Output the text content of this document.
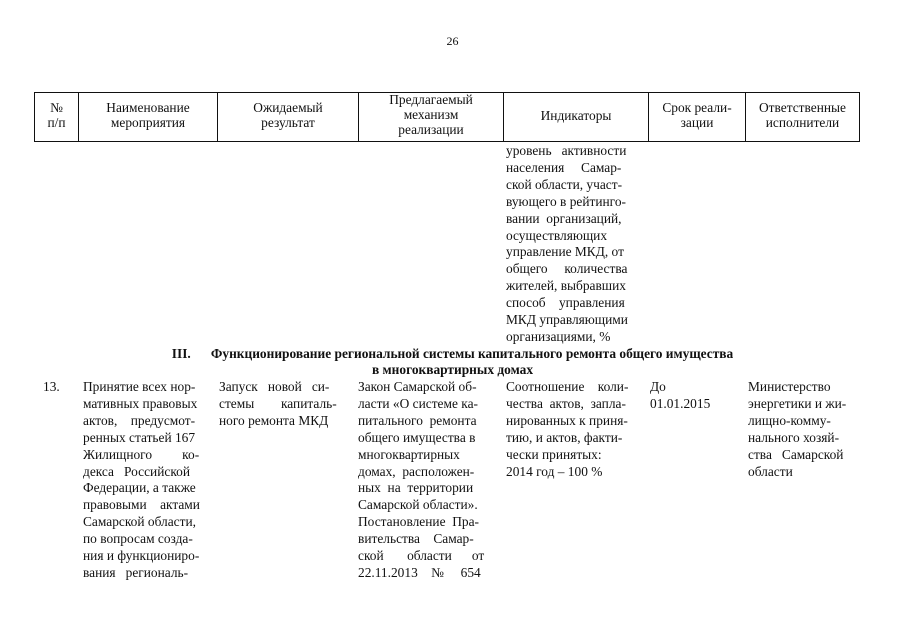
26
№
п/п
Наименование
мероприятия
Ожидаемый
результат
Предлагаемый
механизм
реализации
Индикаторы
Срок реали-
зации
Ответственные
исполнители
уровень   активности
населения     Самар-
ской области, участ-
вующего в рейтинго-
вании  организаций,
осуществляющих
управление МКД, от
общего     количества
жителей, выбравших
способ    управления
МКД управляющими
организациями, %
III. Функционирование региональной системы капитального ремонта общего имущества
в многоквартирных домах
13. Принятие всех нор-
мативных правовых
актов,    предусмот-
ренных статьей 167
Жилищного         ко-
декса   Российской
Федерации, а также
правовыми    актами
Самарской области,
по вопросам созда-
ния и функциониро-
вания   региональ-
Запуск   новой   си-
стемы        капиталь-
ного ремонта МКД
Закон Самарской об-
ласти «О системе ка-
питального  ремонта
общего имущества в
многоквартирных
домах,  расположен-
ных  на  территории
Самарской области».
Постановление  Пра-
вительства    Самар-
ской       области      от
22.11.2013    №     654
Соотношение    коли-
чества  актов,  запла-
нированных к приня-
тию, и актов, факти-
чески принятых:
2014 год – 100 %
До
01.01.2015
Министерство
энергетики и жи-
лищно-комму-
нального хозяй-
ства   Самарской
области
